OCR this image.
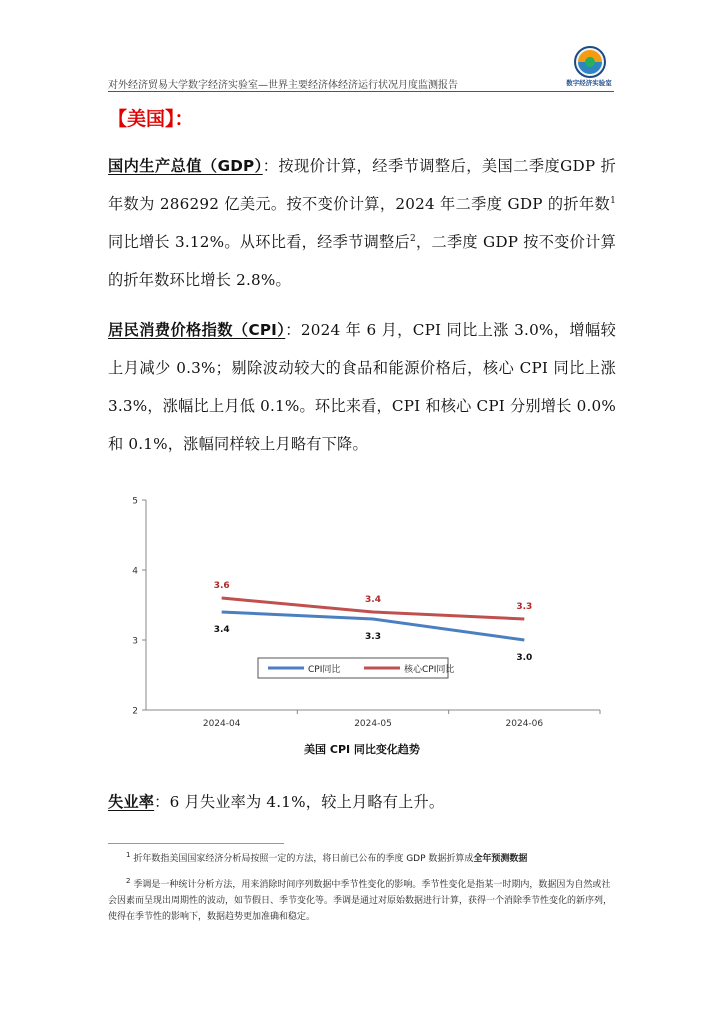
对外经济贸易大学数字经济实验室—世界主要经济体经济运行状况月度监测报告	数字经济实验室
【美国】：
国内生产总值（GDP）：按现价计算，经季节调整后，美国二季度GDP 折年数为 286292 亿美元。按不变价计算，2024 年二季度 GDP 的折年数$^1$同比增长 3.12%。从环比看，经季节调整后$^2$，二季度 GDP 按不变价计算的折年数环比增长 2.8%。
居民消费价格指数（CPI）：2024 年 6 月，CPI 同比上涨 3.0%，增幅较上月减少 0.3%；剔除波动较大的食品和能源价格后，核心 CPI 同比上涨 3.3%，涨幅比上月低 0.1%。环比来看，CPI 和核心 CPI 分别增长 0.0%和 0.1%，涨幅同样较上月略有下降。
2
3
4
5
2024-04	2024-05	2024-06
3.4
3.3
3.0
3.6
3.4
3.3
CPI同比	核心CPI同比
美国 CPI 同比变化趋势
失业率：6 月失业率为 4.1%，较上月略有上升。
$^1$ 折年数指美国国家经济分析局按照一定的方法，将日前已公布的季度 GDP 数据折算成全年预测数据
$^2$ 季调是一种统计分析方法，用来消除时间序列数据中季节性变化的影响。季节性变化是指某一时期内，数据因为自然或社会因素而呈现出周期性的波动，如节假日、季节变化等。季调是通过对原始数据进行计算，获得一个消除季节性变化的新序列，使得在季节性的影响下，数据趋势更加准确和稳定。
